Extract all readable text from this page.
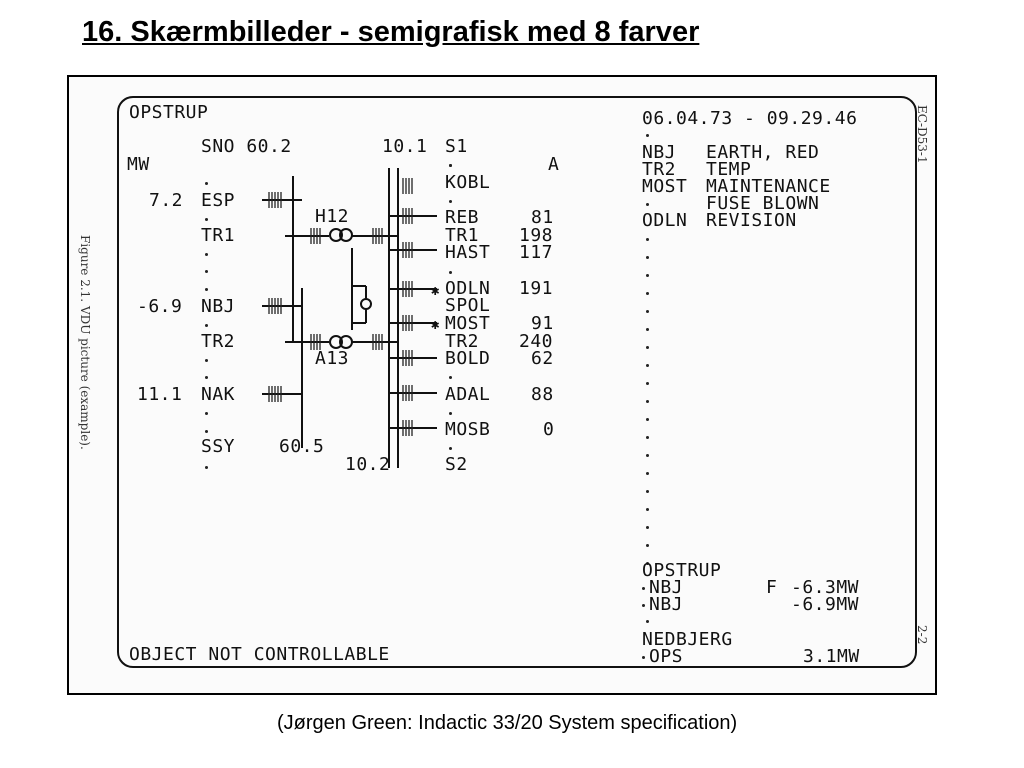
16. Skærmbilleder - semigrafisk med 8 farver
Figure 2.1. VDU picture (example).
EC-D53-1
2-2
✱
✱
OPSTRUP
MW
SNO 60.2	10.1 S1
A
H12
A13
7.2 ESP
TR1
-6.9 NBJ
TR2
11.1 NAK
SSY 60.5
10.2	S2
KOBL
REB	81
TR1 198
HAST 117
ODLN 191
SPOL
MOST 91
TR2 240
BOLD 62
ADAL 88
MOSB	0
06.04.73 - 09.29.46
NBJ EARTH, RED
TR2 TEMP
MOST MAINTENANCE
FUSE BLOWN
ODLN REVISION
OPSTRUP
NBJ	F -6.3MW
NBJ	-6.9MW
NEDBJERG
OPS	3.1MW
OBJECT NOT CONTROLLABLE
(Jørgen Green: Indactic 33/20 System specification)
